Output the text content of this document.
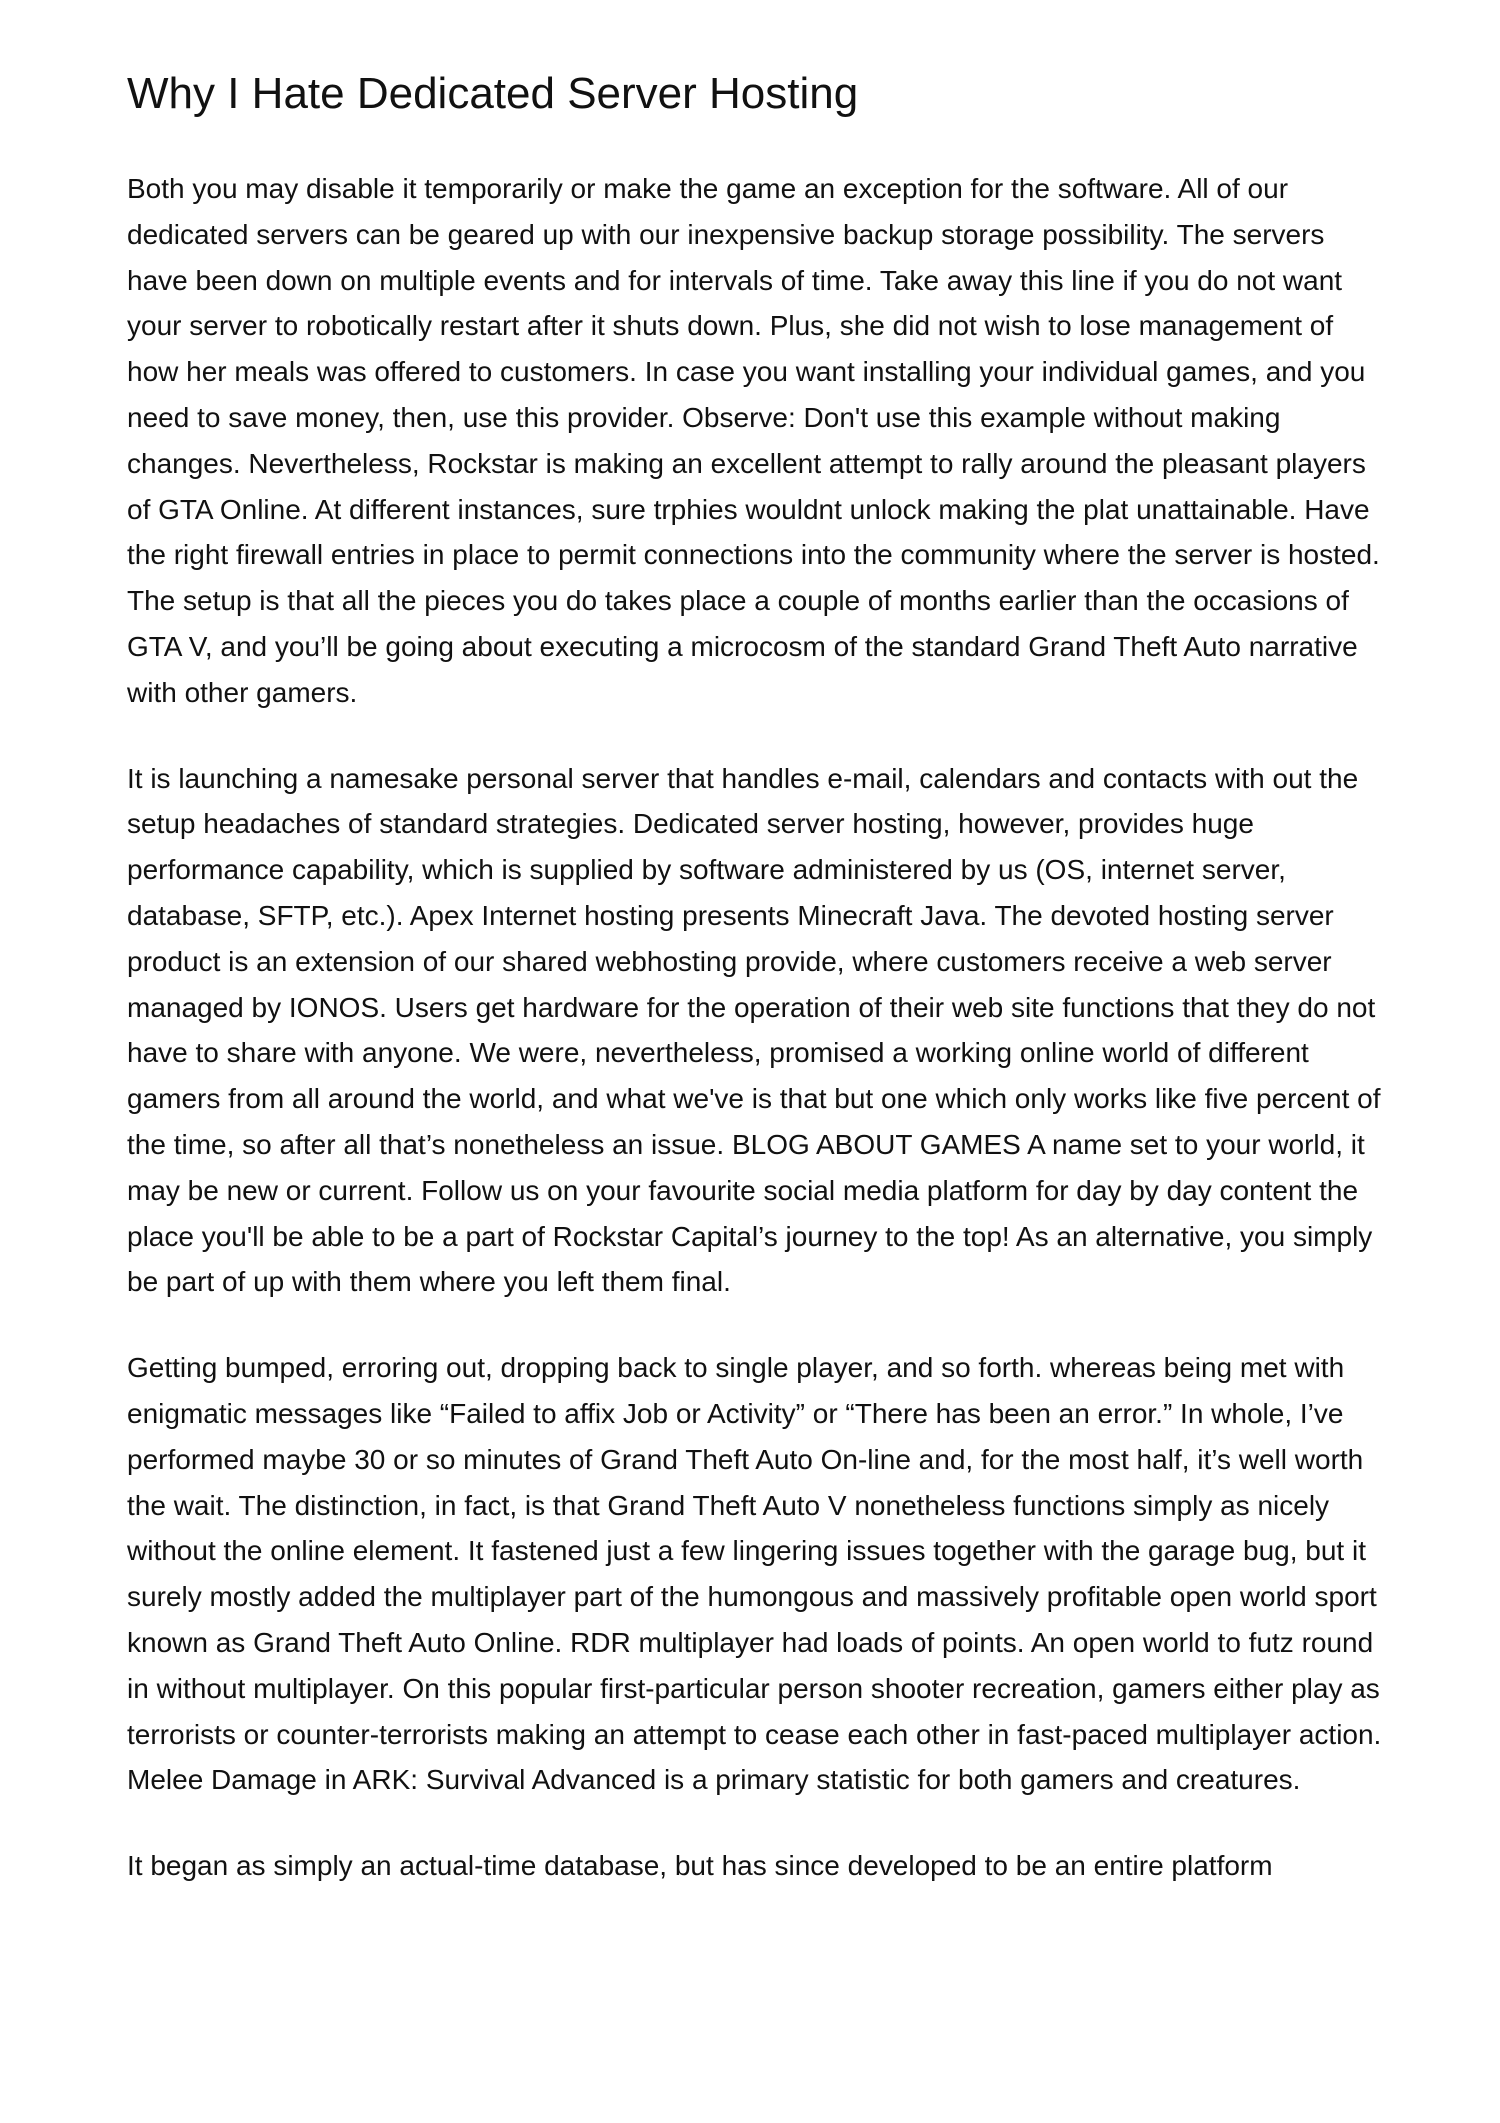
Why I Hate Dedicated Server Hosting

Both you may disable it temporarily or make the game an exception for the software. All of our dedicated servers can be geared up with our inexpensive backup storage possibility. The servers have been down on multiple events and for intervals of time. Take away this line if you do not want your server to robotically restart after it shuts down. Plus, she did not wish to lose management of how her meals was offered to customers. In case you want installing your individual games, and you need to save money, then, use this provider. Observe: Don't use this example without making changes. Nevertheless, Rockstar is making an excellent attempt to rally around the pleasant players of GTA Online. At different instances, sure trphies wouldnt unlock making the plat unattainable. Have the right firewall entries in place to permit connections into the community where the server is hosted. The setup is that all the pieces you do takes place a couple of months earlier than the occasions of GTA V, and you’ll be going about executing a microcosm of the standard Grand Theft Auto narrative with other gamers.

It is launching a namesake personal server that handles e-mail, calendars and contacts with out the setup headaches of standard strategies. Dedicated server hosting, however, provides huge performance capability, which is supplied by software administered by us (OS, internet server, database, SFTP, etc.). Apex Internet hosting presents Minecraft Java. The devoted hosting server product is an extension of our shared webhosting provide, where customers receive a web server managed by IONOS. Users get hardware for the operation of their web site functions that they do not have to share with anyone. We were, nevertheless, promised a working online world of different gamers from all around the world, and what we've is that but one which only works like five percent of the time, so after all that’s nonetheless an issue. BLOG ABOUT GAMES A name set to your world, it may be new or current. Follow us on your favourite social media platform for day by day content the place you'll be able to be a part of Rockstar Capital’s journey to the top! As an alternative, you simply be part of up with them where you left them final.

Getting bumped, erroring out, dropping back to single player, and so forth. whereas being met with enigmatic messages like “Failed to affix Job or Activity” or “There has been an error.” In whole, I’ve performed maybe 30 or so minutes of Grand Theft Auto On-line and, for the most half, it’s well worth the wait. The distinction, in fact, is that Grand Theft Auto V nonetheless functions simply as nicely without the online element. It fastened just a few lingering issues together with the garage bug, but it surely mostly added the multiplayer part of the humongous and massively profitable open world sport known as Grand Theft Auto Online. RDR multiplayer had loads of points. An open world to futz round in without multiplayer. On this popular first-particular person shooter recreation, gamers either play as terrorists or counter-terrorists making an attempt to cease each other in fast-paced multiplayer action. Melee Damage in ARK: Survival Advanced is a primary statistic for both gamers and creatures.

It began as simply an actual-time database, but has since developed to be an entire platform
